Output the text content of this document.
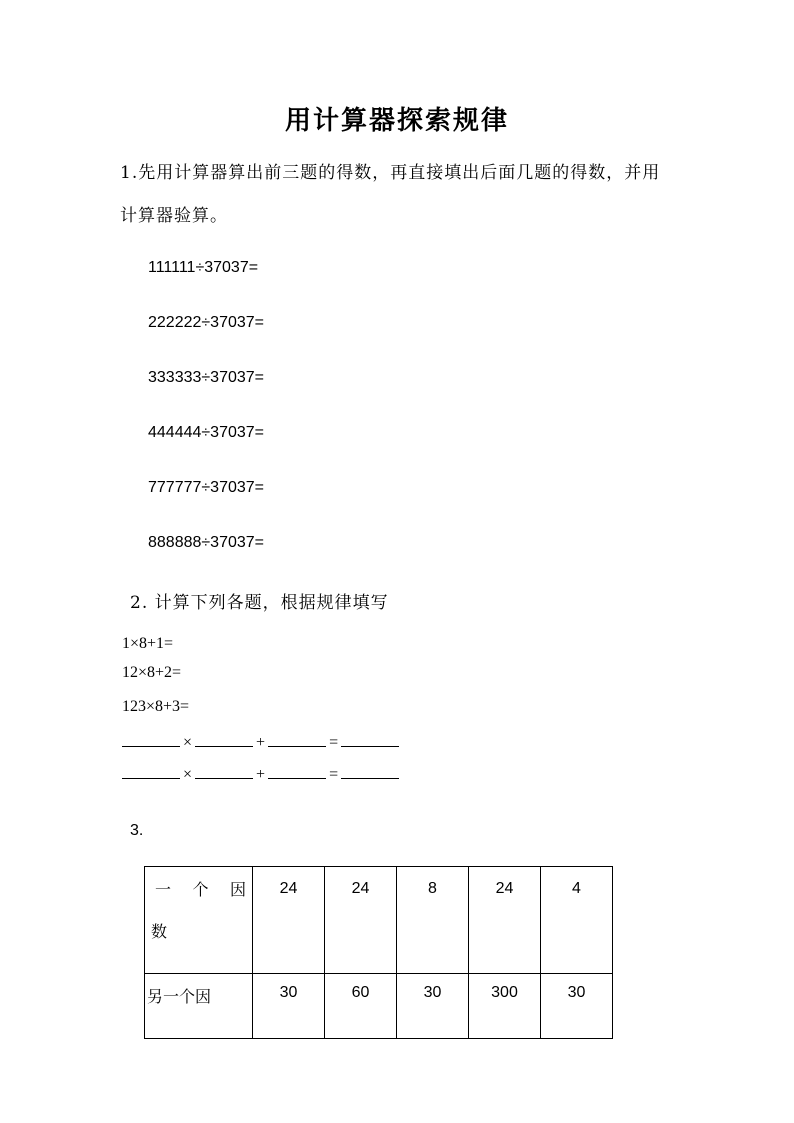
用计算器探索规律
1.先用计算器算出前三题的得数，再直接填出后面几题的得数，并用
计算器验算。
111111÷37037=
222222÷37037=
333333÷37037=
444444÷37037=
777777÷37037=
888888÷37037=
2. 计算下列各题，根据规律填写
1×8+1=
12×8+2=
123×8+3=
×	+	=
×	+	=
3.
一个因
数	24	24	8	24	4
另一个因	30	60	30	300	30
